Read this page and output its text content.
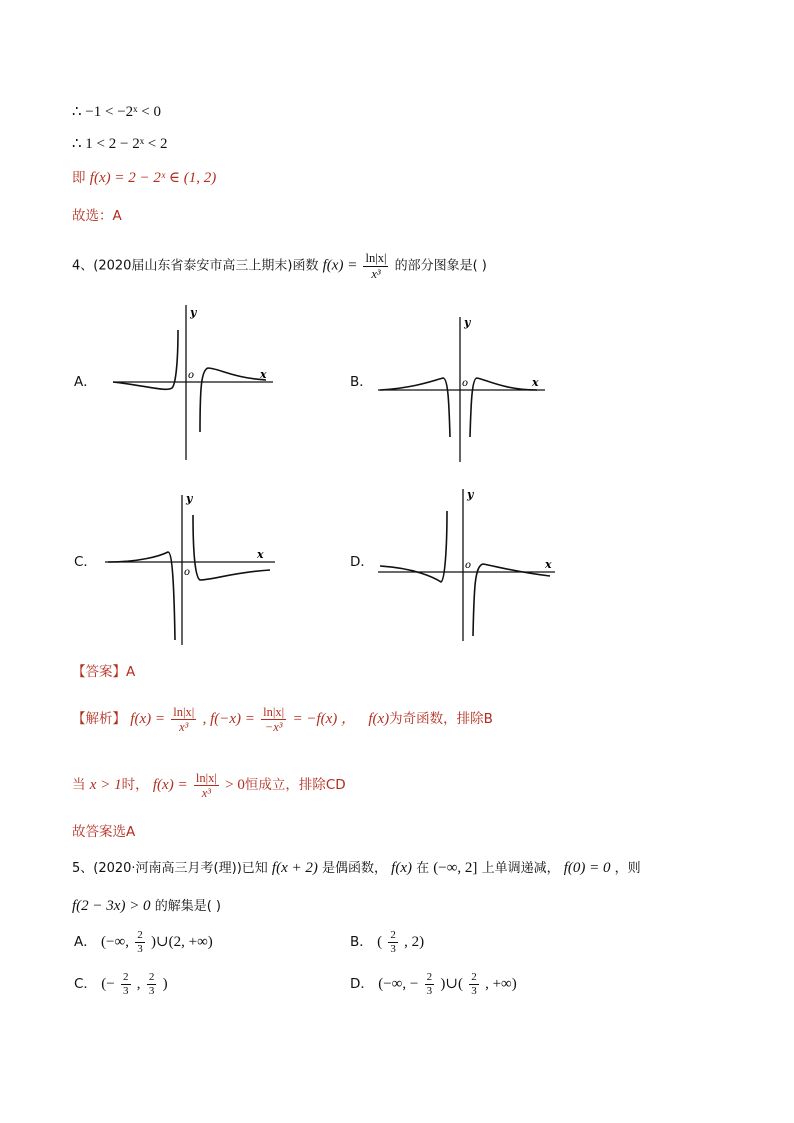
∴ −1 < −2ˣ < 0
∴ 1 < 2 − 2ˣ < 2
即 f(x) = 2 − 2ˣ ∈ (1, 2)
故选：A
4、(2020届山东省泰安市高三上期末)函数 $f(x) = \frac{\ln|x|}{\text{x³}}$ 的部分图象是( )
A．	B．
C．	D．
y
x
o
y
x
o
y
x
o
y
x
o
【答案】A
【解析】 $f(x) = \frac{\ln|x|}{\text{x³}}$ , $f(-x) = \frac{\ln|x|}{\text{−x³}} = -f(x)$ ， f(x)为奇函数，排除B
当 x > 1时， $f(x) = \frac{\ln|x|}{\text{x³}} > 0$恒成立，排除CD
故答案选A
5、(2020·河南高三月考(理))已知 f(x + 2) 是偶函数， f(x) 在 (−∞, 2] 上单调递减， f(0) = 0 ，则
f(2 − 3x) > 0 的解集是( )
A． (−∞, $\frac{2}{3}$ )∪(2, +∞)	B． ( $\frac{2}{3}$ , 2)
C． (− $\frac{2}{3}$ , $\frac{2}{3}$ )	D． (−∞, − $\frac{2}{3}$ )∪( $\frac{2}{3}$ , +∞)
